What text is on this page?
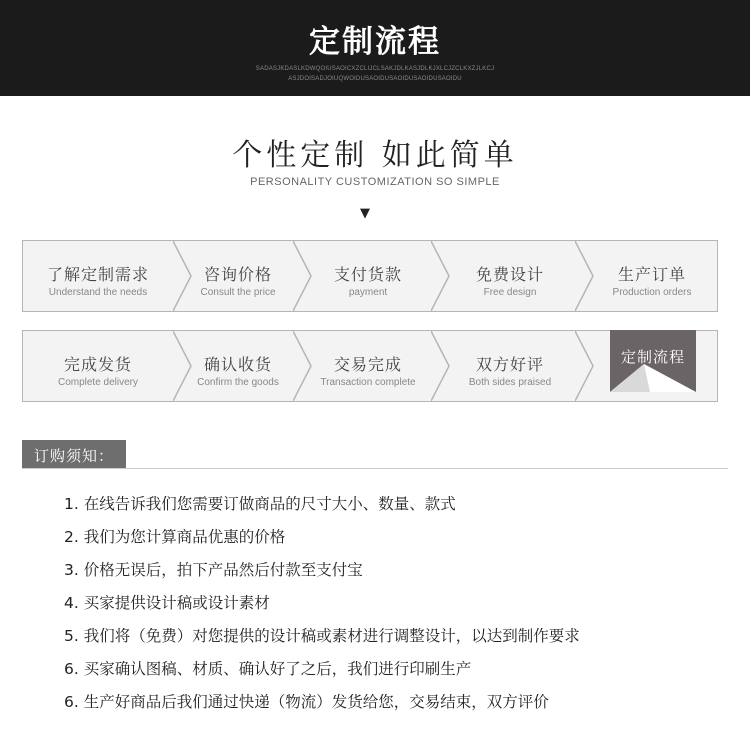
定制流程
SADASJKDASLKDWQOIUSAOICXZCLIJCLSAKJDLKASJDLKJXLCJZCLKXZJLKCJ
ASJDOISADJOIUQWOIDUSAOIDUSAOIDUSAOIDUSAOIDU
个性定制 如此简单
PERSONALITY CUSTOMIZATION SO SIMPLE
▼
了解定制需求
Understand the needs
咨询价格
Consult the price
支付货款
payment
免费设计
Free design
生产订单
Production orders
完成发货
Complete delivery
确认收货
Confirm the goods
交易完成
Transaction complete
双方好评
Both sides praised
定制流程
订购须知：
1. 在线告诉我们您需要订做商品的尺寸大小、数量、款式
2. 我们为您计算商品优惠的价格
3. 价格无误后，拍下产品然后付款至支付宝
4. 买家提供设计稿或设计素材
5. 我们将（免费）对您提供的设计稿或素材进行调整设计，以达到制作要求
6. 买家确认图稿、材质、确认好了之后，我们进行印刷生产
6. 生产好商品后我们通过快递（物流）发货给您，交易结束，双方评价
